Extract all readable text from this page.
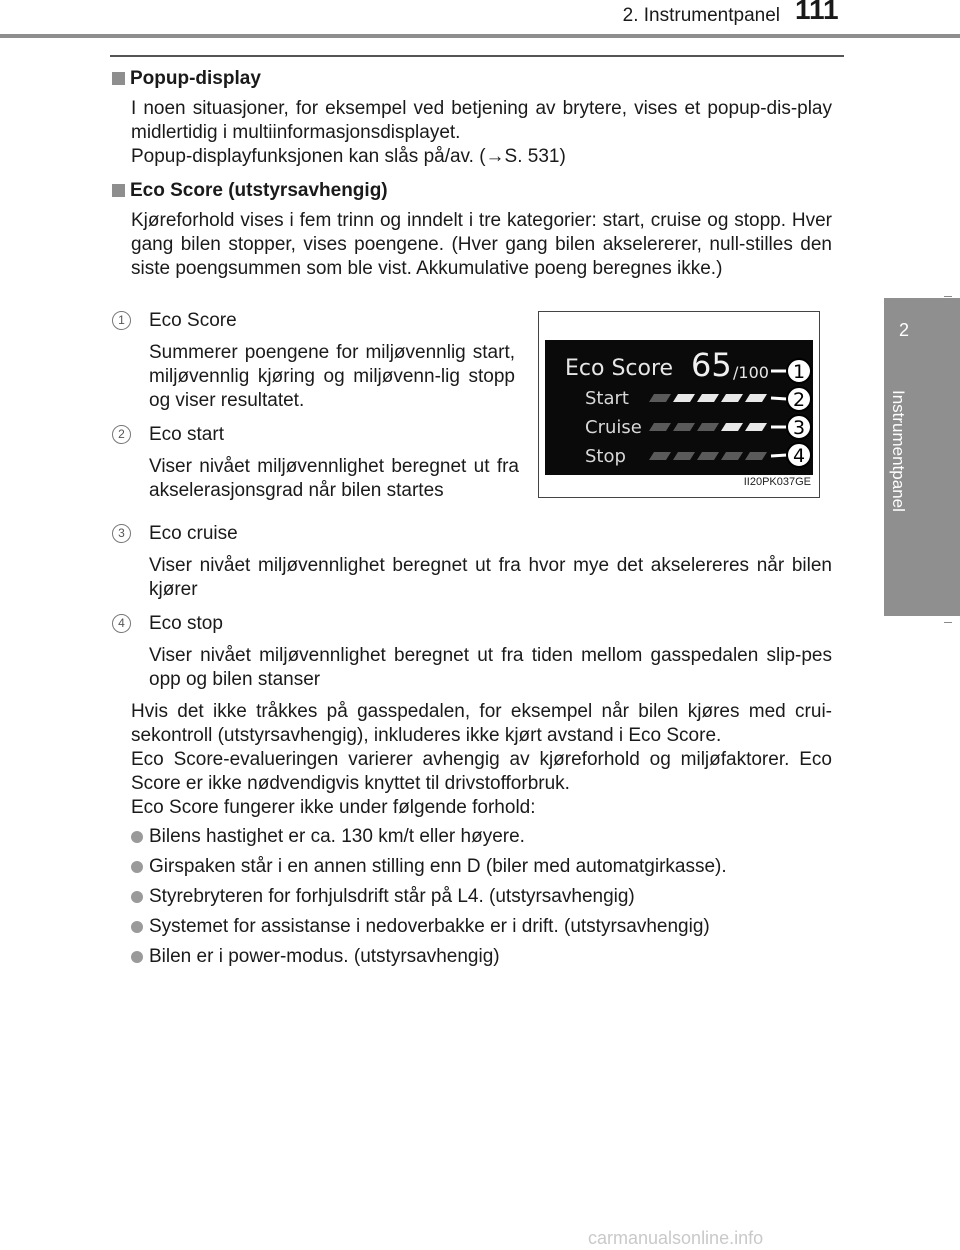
2. Instrumentpanel 111
2
Instrumentpanel
Popup-display

I noen situasjoner, for eksempel ved betjening av brytere, vises et popup-dis-play midlertidig i multiinformasjonsdisplayet.

Popup-displayfunksjonen kan slås på/av. (→S. 531)

Eco Score (utstyrsavhengig)

Kjøreforhold vises i fem trinn og inndelt i tre kategorier: start, cruise og stopp. Hver gang bilen stopper, vises poengene. (Hver gang bilen akselererer, null-stilles den siste poengsummen som ble vist. Akkumulative poeng beregnes ikke.)

1	Eco Score
Summerer poengene for miljøvennlig start, miljøvennlig kjøring og miljøvenn-lig stopp og viser resultatet.
2	Eco start
Viser nivået miljøvennlighet beregnet ut fra akselerasjonsgrad når bilen startes
3	Eco cruise
Viser nivået miljøvennlighet beregnet ut fra hvor mye det akselereres når bilen kjører
4	Eco stop
Viser nivået miljøvennlighet beregnet ut fra tiden mellom gasspedalen slip-pes opp og bilen stanser

Hvis det ikke tråkkes på gasspedalen, for eksempel når bilen kjøres med crui-sekontroll (utstyrsavhengig), inkluderes ikke kjørt avstand i Eco Score.

Eco Score-evalueringen varierer avhengig av kjøreforhold og miljøfaktorer. Eco Score er ikke nødvendigvis knyttet til drivstofforbruk.

Eco Score fungerer ikke under følgende forhold:

Bilens hastighet er ca. 130 km/t eller høyere.
Girspaken står i en annen stilling enn D (biler med automatgirkasse).
Styrebryteren for forhjulsdrift står på L4. (utstyrsavhengig)
Systemet for assistanse i nedoverbakke er i drift. (utstyrsavhengig)
Bilen er i power-modus. (utstyrsavhengig)
Eco Score 65 /100
Start
Cruise
Stop
1
2
3
4
II20PK037GE
carmanualsonline.info
